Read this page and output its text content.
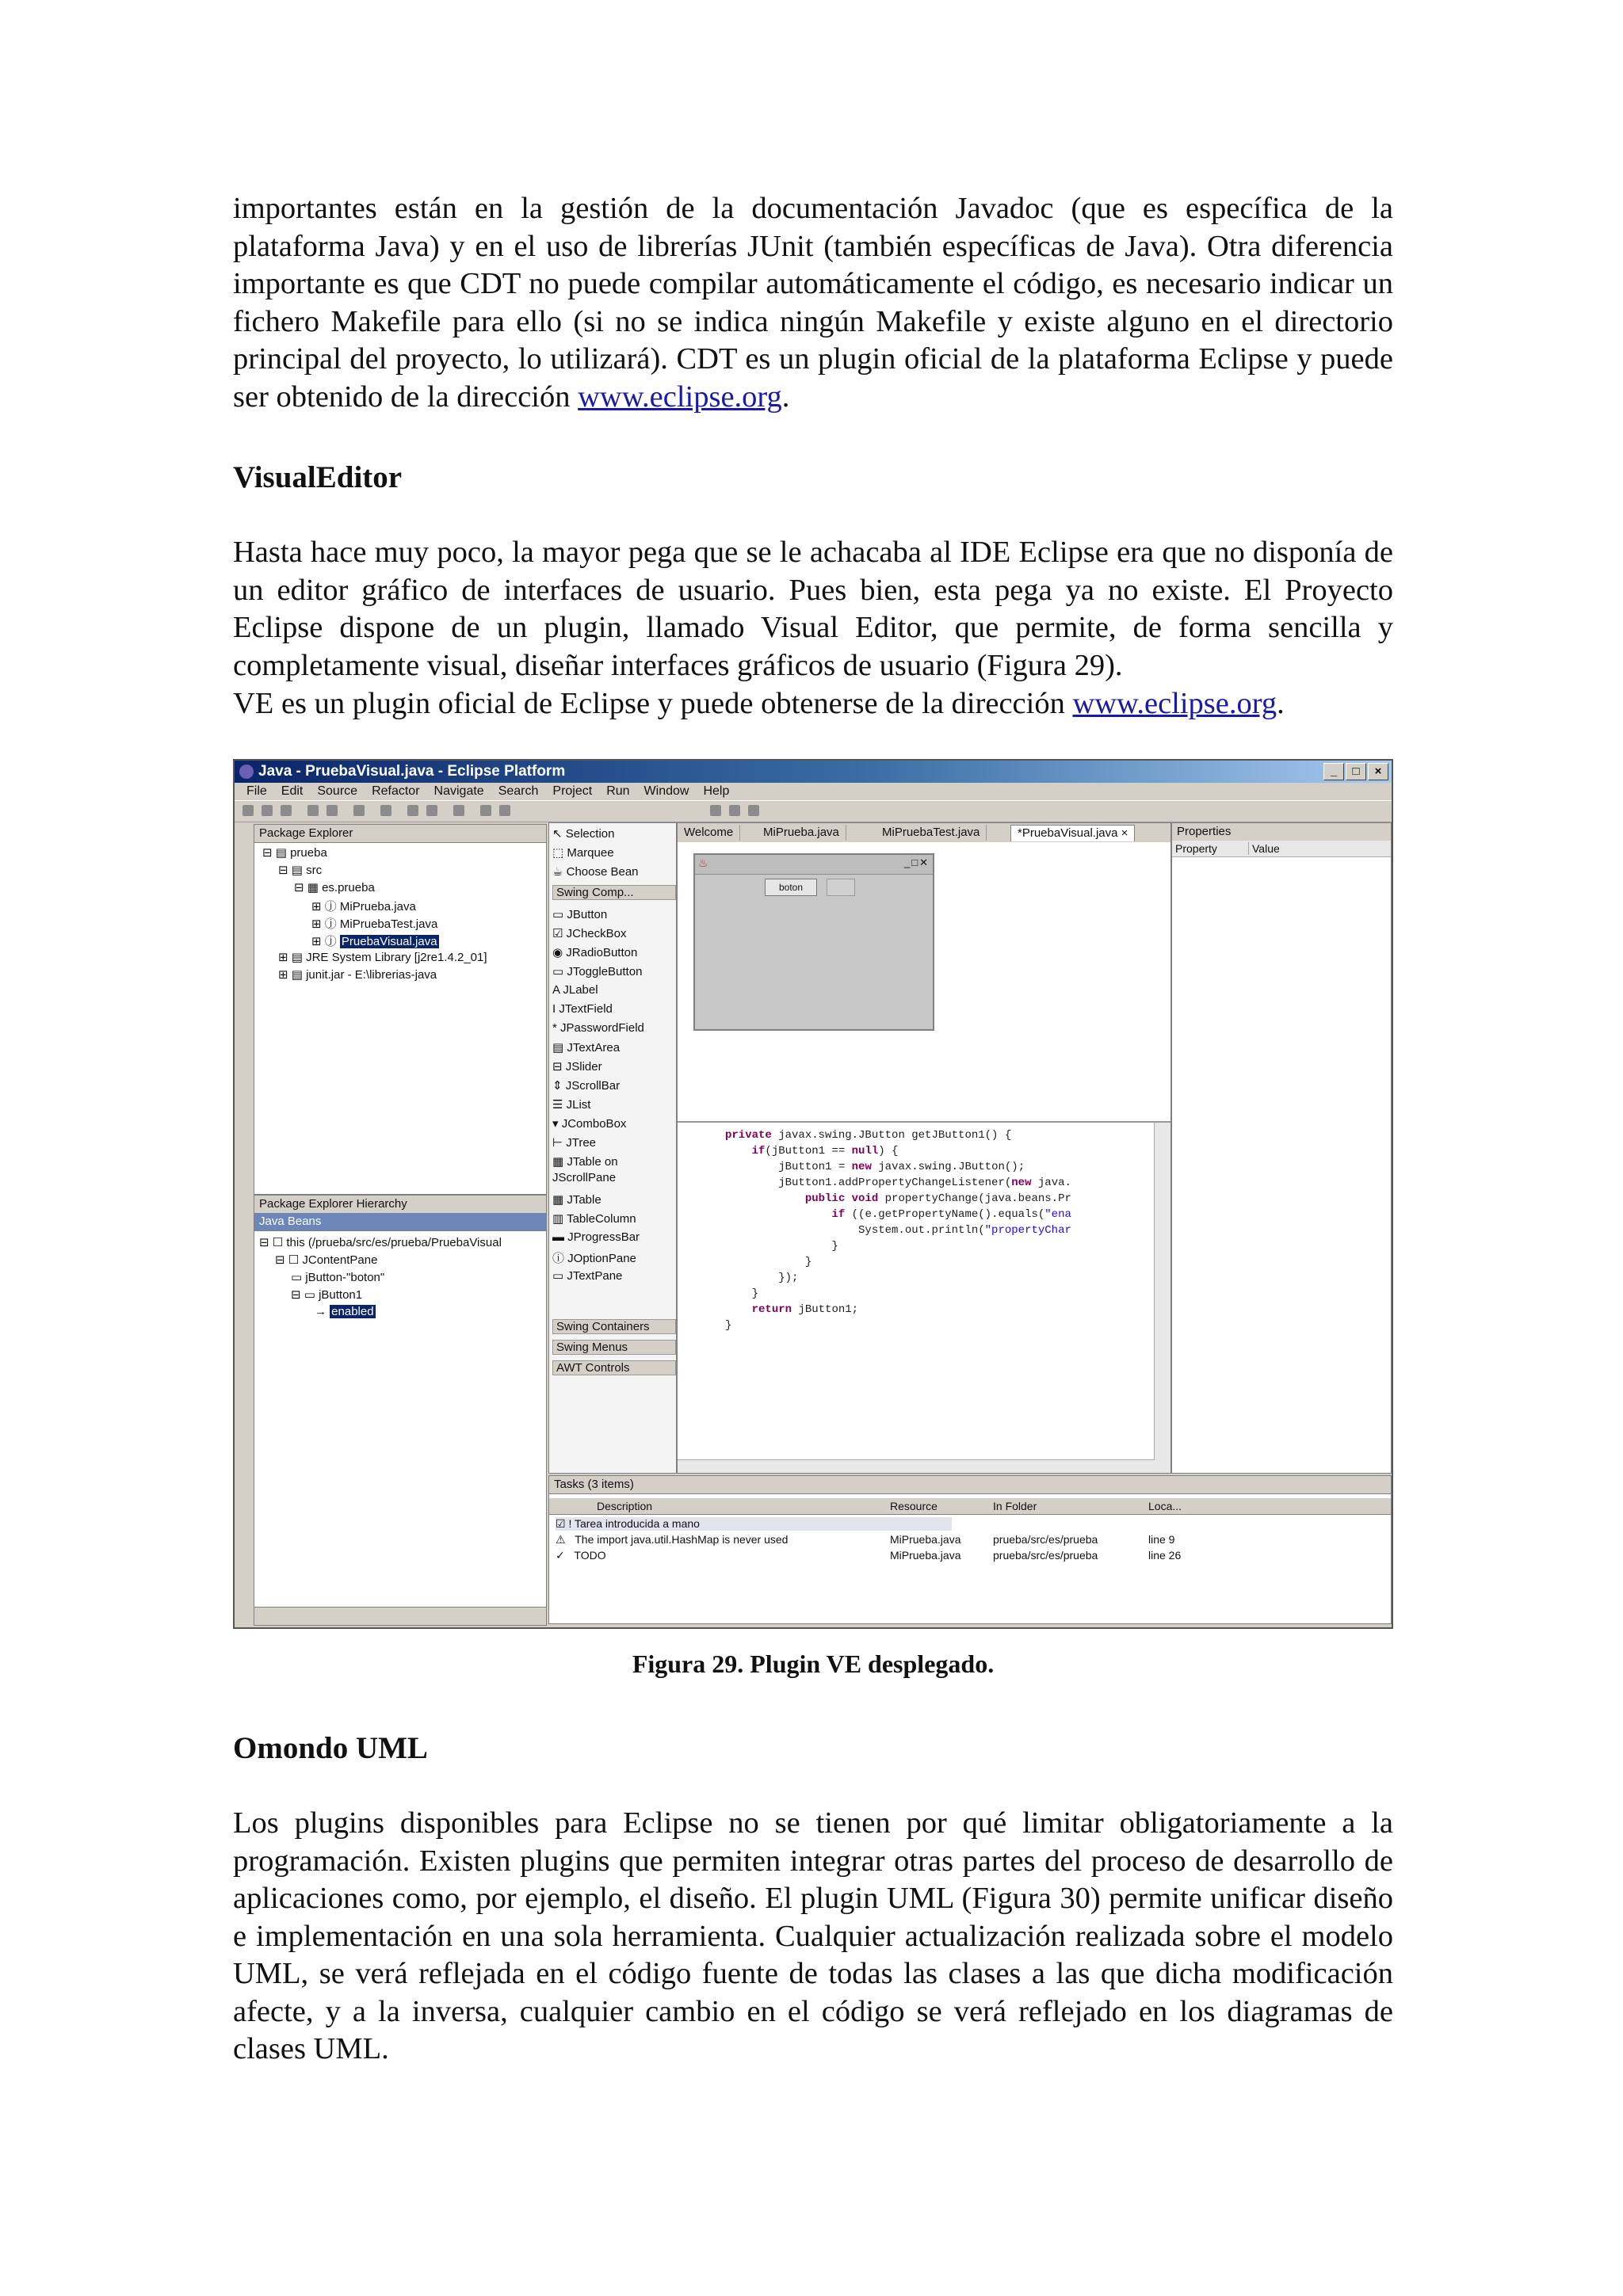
importantes están en la gestión de la documentación Javadoc (que es específica de la plataforma Java) y en el uso de librerías JUnit (también específicas de Java). Otra diferencia importante es que CDT no puede compilar automáticamente el código, es necesario indicar un fichero Makefile para ello (si no se indica ningún Makefile y existe alguno en el directorio principal del proyecto, lo utilizará). CDT es un plugin oficial de la plataforma Eclipse y puede ser obtenido de la dirección www.eclipse.org.

VisualEditor

Hasta hace muy poco, la mayor pega que se le achacaba al IDE Eclipse era que no disponía de un editor gráfico de interfaces de usuario. Pues bien, esta pega ya no existe. El Proyecto Eclipse dispone de un plugin, llamado Visual Editor, que permite, de forma sencilla y completamente visual, diseñar interfaces gráficos de usuario (Figura 29).

VE es un plugin oficial de Eclipse y puede obtenerse de la dirección www.eclipse.org.

Java - PruebaVisual.java - Eclipse Platform	_	□	×
File	Edit	Source	Refactor	Navigate	Search	Project	Run	Window	Help
Package Explorer
⊟ ▤ prueba
⊟ ▤ src
⊟ ▦ es.prueba
⊞ ⓙ MiPrueba.java
⊞ ⓙ MiPruebaTest.java
⊞ ⓙ PruebaVisual.java
⊞ ▤ JRE System Library [j2re1.4.2_01]
⊞ ▤ junit.jar - E:\librerias-java
Package Explorer Hierarchy
Java Beans
⊟ ☐ this (/prueba/src/es/prueba/PruebaVisual
⊟ ☐ JContentPane
▭ jButton-"boton"
⊟ ▭ jButton1
→ enabled
↖ Selection
⬚ Marquee
☕ Choose Bean
Swing Comp...
▭ JButton
☑ JCheckBox
◉ JRadioButton
▭ JToggleButton
A JLabel
I JTextField
* JPasswordField
▤ JTextArea
⊟ JSlider
⇕ JScrollBar
☰ JList
▾ JComboBox
⊢ JTree
▦ JTable on JScrollPane
▦ JTable
▥ TableColumn
▬ JProgressBar
ⓘ JOptionPane
▭ JTextPane
Swing Containers
Swing Menus
AWT Controls
Welcome	MiPrueba.java	MiPruebaTest.java	*PruebaVisual.java ×
♨	_□✕
boton
private javax.swing.JButton getJButton1() {
if(jButton1 == null) {
jButton1 = new javax.swing.JButton();
jButton1.addPropertyChangeListener(new java.
public void propertyChange(java.beans.Pr
if ((e.getPropertyName().equals("ena
System.out.println("propertyChar
}
}
});
}
return jButton1;
}
Properties
Property	Value
Tasks (3 items)
Description	Resource	In Folder	Loca...
☑ ! Tarea introducida a mano
⚠   The import java.util.HashMap is never used	MiPrueba.java	prueba/src/es/prueba	line 9
✓   TODO	MiPrueba.java	prueba/src/es/prueba	line 26
Figura 29. Plugin VE desplegado.
Omondo UML

Los plugins disponibles para Eclipse no se tienen por qué limitar obligatoriamente a la programación. Existen plugins que permiten integrar otras partes del proceso de desarrollo de aplicaciones como, por ejemplo, el diseño. El plugin UML (Figura 30) permite unificar diseño e implementación en una sola herramienta. Cualquier actualización realizada sobre el modelo UML, se verá reflejada en el código fuente de todas las clases a las que dicha modificación afecte, y a la inversa, cualquier cambio en el código se verá reflejado en los diagramas de clases UML.
